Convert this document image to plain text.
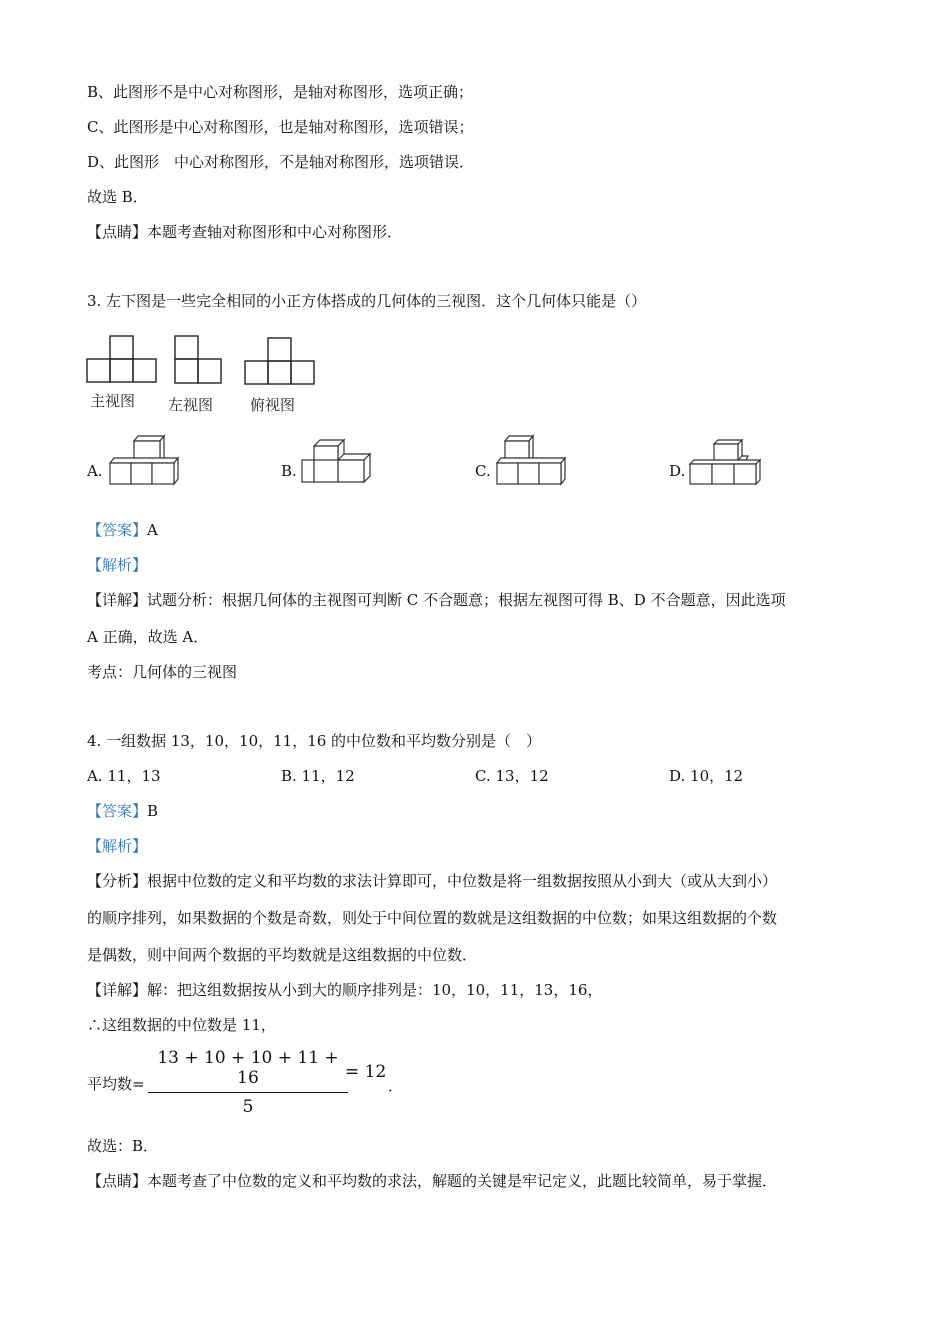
B、此图形不是中心对称图形，是轴对称图形，选项正确；
C、此图形是中心对称图形，也是轴对称图形，选项错误；
D、此图形　中心对称图形，不是轴对称图形，选项错误．
故选 B．
【点睛】本题考查轴对称图形和中心对称图形．
3. 左下图是一些完全相同的小正方体搭成的几何体的三视图．这个几何体只能是（）
主视图 左视图 俯视图
A.	B.	C.	D.
【答案】A
【解析】
【详解】试题分析：根据几何体的主视图可判断 C 不合题意；根据左视图可得 B、D 不合题意，因此选项
A 正确，故选 A．
考点：几何体的三视图
4. 一组数据 13，10，10，11，16 的中位数和平均数分别是（　）
A. 11，13	B. 11，12	C. 13，12	D. 10，12
【答案】B
【解析】
【分析】根据中位数的定义和平均数的求法计算即可，中位数是将一组数据按照从小到大（或从大到小）
的顺序排列，如果数据的个数是奇数，则处于中间位置的数就是这组数据的中位数；如果这组数据的个数
是偶数，则中间两个数据的平均数就是这组数据的中位数．
【详解】解：把这组数据按从小到大的顺序排列是：10，10，11，13，16，
∴这组数据的中位数是 11，
平均数= $\frac{13 + 10 + 10 + 11 + 16}{5}$
= 12
．
故选：B．
【点睛】本题考查了中位数的定义和平均数的求法，解题的关键是牢记定义，此题比较简单，易于掌握．
